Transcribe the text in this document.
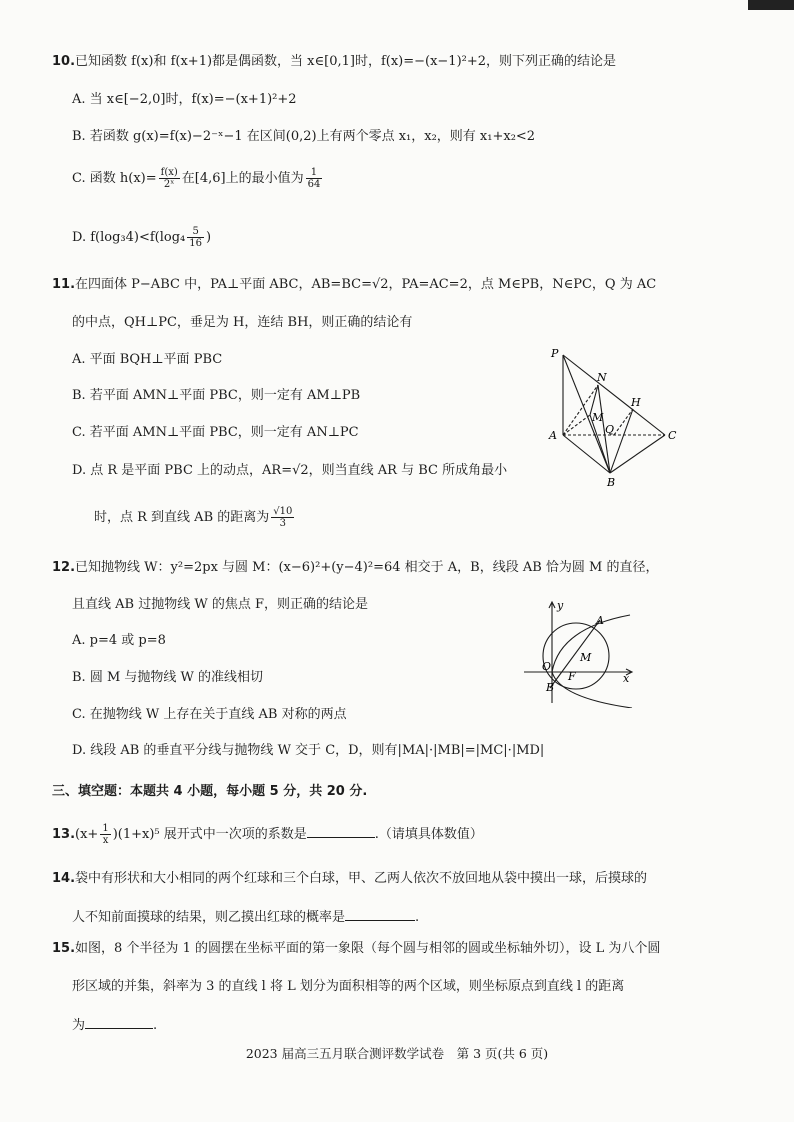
10.已知函数 f(x)和 f(x+1)都是偶函数，当 x∈[0,1]时，f(x)=−(x−1)²+2，则下列正确的结论是
A. 当 x∈[−2,0]时，f(x)=−(x+1)²+2
B. 若函数 g(x)=f(x)−2⁻ˣ−1 在区间(0,2)上有两个零点 x₁，x₂，则有 x₁+x₂<2
C. 函数 $h(x)= \frac{f(x)}{\text{2ˣ}}$ 在[4,6]上的最小值为 $\frac{1}{64}$
D. $f(\log_34)<f(\log_4 \frac{5}{16}$ )
11.在四面体 P−ABC 中，PA⊥平面 ABC，AB=BC=√2，PA=AC=2，点 M∈PB，N∈PC，Q 为 AC
的中点，QH⊥PC，垂足为 H，连结 BH，则正确的结论有
A. 平面 BQH⊥平面 PBC
B. 若平面 AMN⊥平面 PBC，则一定有 AM⊥PB
C. 若平面 AMN⊥平面 PBC，则一定有 AN⊥PC
D. 点 R 是平面 PBC 上的动点，AR=√2，则当直线 AR 与 BC 所成角最小
时，点 R 到直线 AB 的距离为 $\frac{√10}{3}$
P
N
H
M
Q
A	C
B
12.已知抛物线 W：y²=2px 与圆 M：(x−6)²+(y−4)²=64 相交于 A，B，线段 AB 恰为圆 M 的直径，
且直线 AB 过抛物线 W 的焦点 F，则正确的结论是
A. p=4 或 p=8
B. 圆 M 与抛物线 W 的准线相切
C. 在抛物线 W 上存在关于直线 AB 对称的两点
D. 线段 AB 的垂直平分线与抛物线 W 交于 C，D，则有|MA|·|MB|=|MC|·|MD|
y
x
O
A
M
F
B
三、填空题：本题共 4 小题，每小题 5 分，共 20 分.
$13.(x+ \frac{1}{x} )(1+x)^5$ 展开式中一次项的系数是	.（请填具体数值）
14.袋中有形状和大小相同的两个红球和三个白球，甲、乙两人依次不放回地从袋中摸出一球，后摸球的
人不知前面摸球的结果，则乙摸出红球的概率是	.
15.如图，8 个半径为 1 的圆摆在坐标平面的第一象限（每个圆与相邻的圆或坐标轴外切），设 L 为八个圆
形区域的并集，斜率为 3 的直线 l 将 L 划分为面积相等的两个区域，则坐标原点到直线 l 的距离
为	.
2023 届高三五月联合测评数学试卷　第 3 页(共 6 页)
